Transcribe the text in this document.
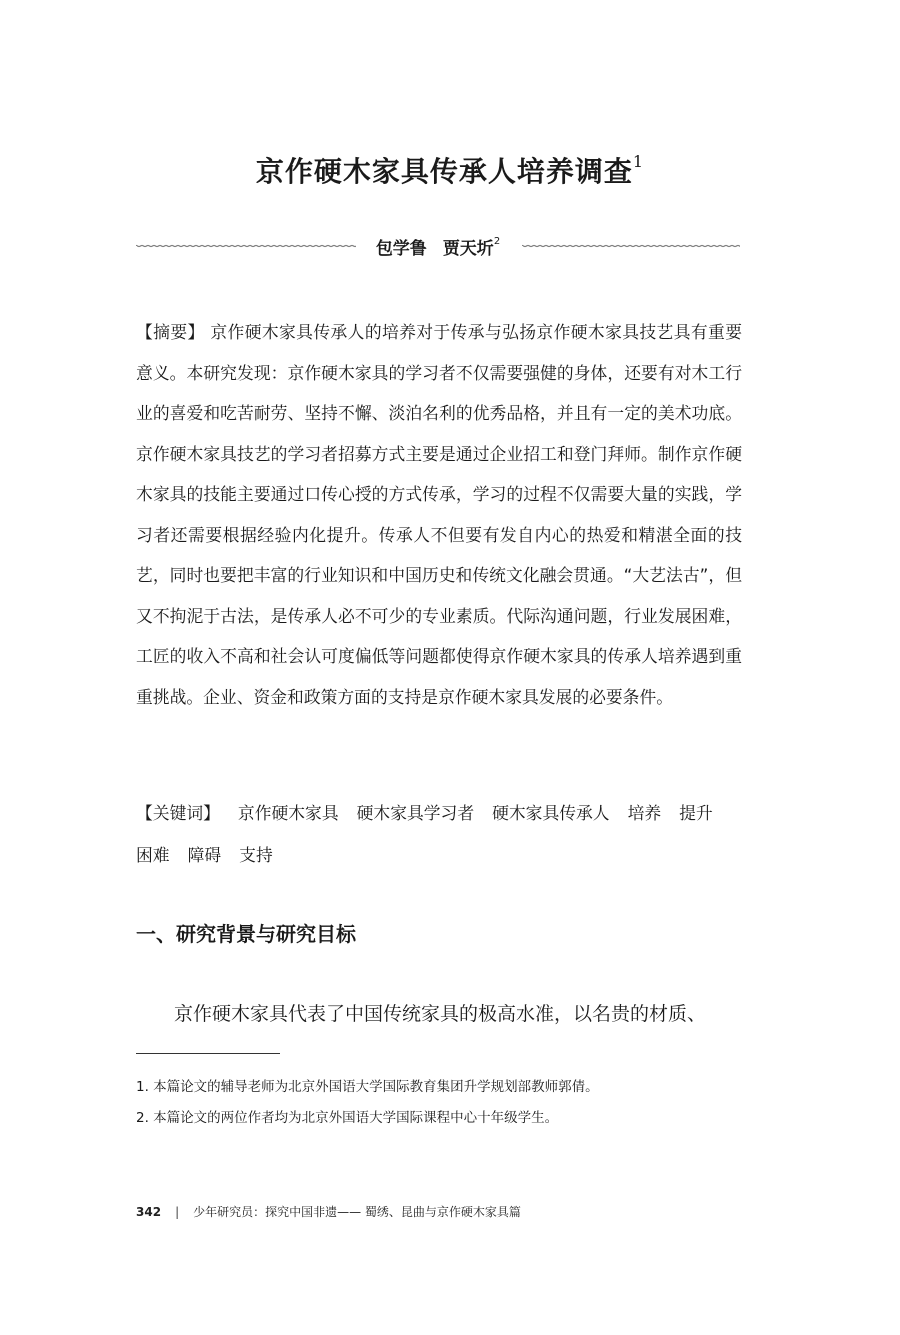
京作硬木家具传承人培养调查$^1$
包学鲁 贾天圻$^2$
【摘要】 京作硬木家具传承人的培养对于传承与弘扬京作硬木家具技艺具有重要意义。本研究发现：京作硬木家具的学习者不仅需要强健的身体，还要有对木工行业的喜爱和吃苦耐劳、坚持不懈、淡泊名利的优秀品格，并且有一定的美术功底。京作硬木家具技艺的学习者招募方式主要是通过企业招工和登门拜师。制作京作硬木家具的技能主要通过口传心授的方式传承，学习的过程不仅需要大量的实践，学习者还需要根据经验内化提升。传承人不但要有发自内心的热爱和精湛全面的技艺，同时也要把丰富的行业知识和中国历史和传统文化融会贯通。“大艺法古”，但又不拘泥于古法，是传承人必不可少的专业素质。代际沟通问题，行业发展困难，工匠的收入不高和社会认可度偏低等问题都使得京作硬木家具的传承人培养遇到重重挑战。企业、资金和政策方面的支持是京作硬木家具发展的必要条件。
【关键词】 京作硬木家具 硬木家具学习者 硬木家具传承人 培养 提升困难 障碍 支持
一、研究背景与研究目标
京作硬木家具代表了中国传统家具的极高水准，以名贵的材质、
1. 本篇论文的辅导老师为北京外国语大学国际教育集团升学规划部教师郭倩。
2. 本篇论文的两位作者均为北京外国语大学国际课程中心十年级学生。
342 | 少年研究员：探究中国非遗—— 蜀绣、昆曲与京作硬木家具篇
